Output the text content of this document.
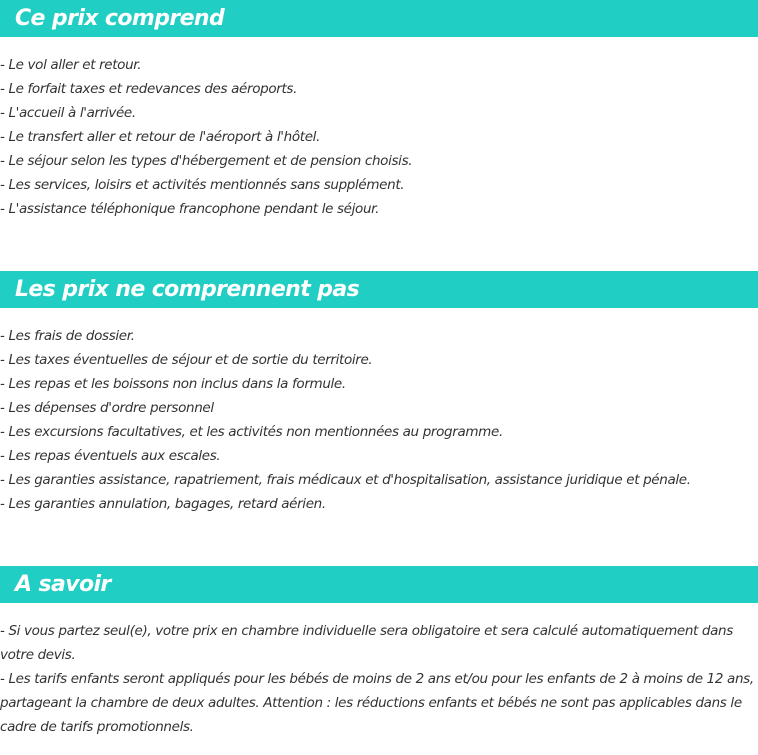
Ce prix comprend
- Le vol aller et retour.
- Le forfait taxes et redevances des aéroports.
- L'accueil à l'arrivée.
- Le transfert aller et retour de l'aéroport à l'hôtel.
- Le séjour selon les types d'hébergement et de pension choisis.
- Les services, loisirs et activités mentionnés sans supplément.
- L'assistance téléphonique francophone pendant le séjour.
Les prix ne comprennent pas
- Les frais de dossier.
- Les taxes éventuelles de séjour et de sortie du territoire.
- Les repas et les boissons non inclus dans la formule.
- Les dépenses d'ordre personnel
- Les excursions facultatives, et les activités non mentionnées au programme.
- Les repas éventuels aux escales.
- Les garanties assistance, rapatriement, frais médicaux et d'hospitalisation, assistance juridique et pénale.
- Les garanties annulation, bagages, retard aérien.
A savoir
- Si vous partez seul(e), votre prix en chambre individuelle sera obligatoire et sera calculé automatiquement dans votre devis.
- Les tarifs enfants seront appliqués pour les bébés de moins de 2 ans et/ou pour les enfants de 2 à moins de 12 ans, partageant la chambre de deux adultes. Attention : les réductions enfants et bébés ne sont pas applicables dans le cadre de tarifs promotionnels.
